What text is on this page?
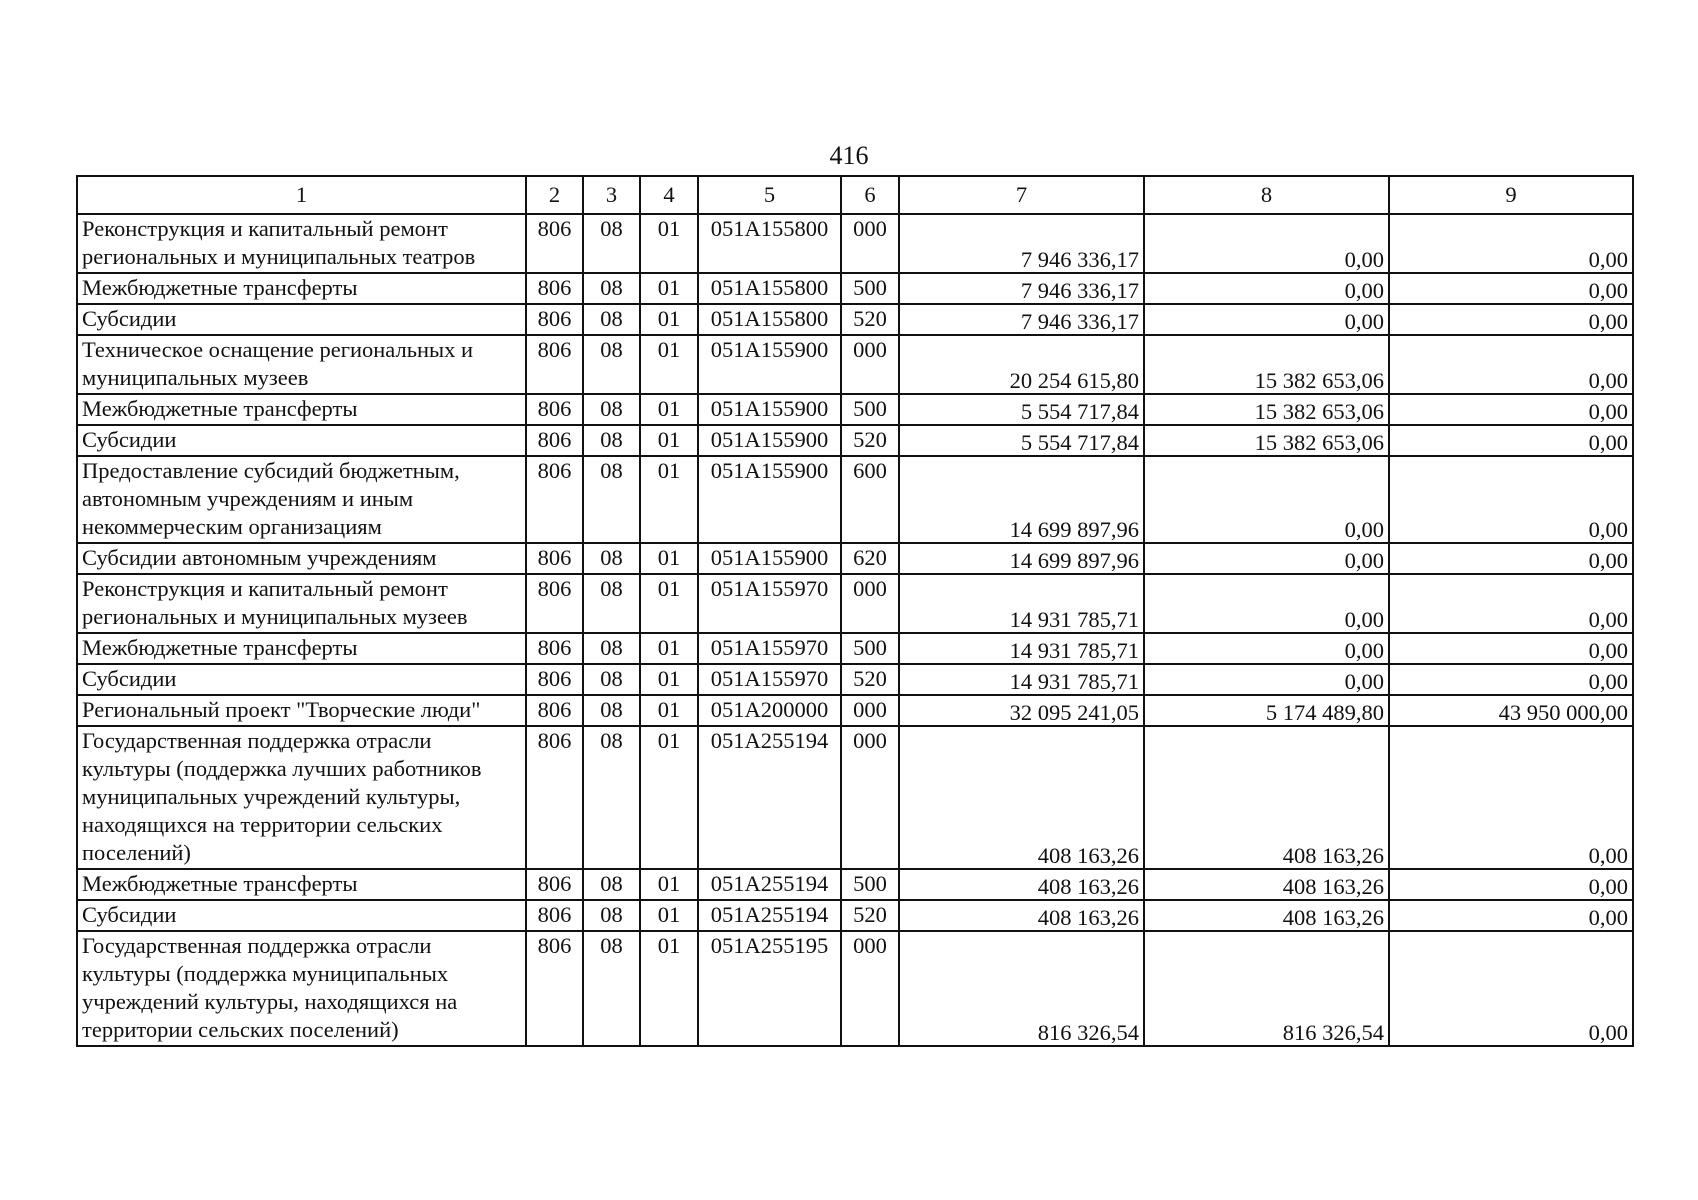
416
1	2	3	4	5	6	7	8	9
Реконструкция и капитальный ремонт региональных и муниципальных театров	806	08	01	051A155800	000	7 946 336,17	0,00	0,00
Межбюджетные трансферты	806	08	01	051A155800	500	7 946 336,17	0,00	0,00
Субсидии	806	08	01	051A155800	520	7 946 336,17	0,00	0,00
Техническое оснащение региональных и муниципальных музеев	806	08	01	051A155900	000	20 254 615,80	15 382 653,06	0,00
Межбюджетные трансферты	806	08	01	051A155900	500	5 554 717,84	15 382 653,06	0,00
Субсидии	806	08	01	051A155900	520	5 554 717,84	15 382 653,06	0,00
Предоставление субсидий бюджетным, автономным учреждениям и иным некоммерческим организациям	806	08	01	051A155900	600	14 699 897,96	0,00	0,00
Субсидии автономным учреждениям	806	08	01	051A155900	620	14 699 897,96	0,00	0,00
Реконструкция и капитальный ремонт региональных и муниципальных музеев	806	08	01	051A155970	000	14 931 785,71	0,00	0,00
Межбюджетные трансферты	806	08	01	051A155970	500	14 931 785,71	0,00	0,00
Субсидии	806	08	01	051A155970	520	14 931 785,71	0,00	0,00
Региональный проект "Творческие люди"	806	08	01	051A200000	000	32 095 241,05	5 174 489,80	43 950 000,00
Государственная поддержка отрасли культуры (поддержка лучших работников муниципальных учреждений культуры, находящихся на территории сельских поселений)	806	08	01	051A255194	000	408 163,26	408 163,26	0,00
Межбюджетные трансферты	806	08	01	051A255194	500	408 163,26	408 163,26	0,00
Субсидии	806	08	01	051A255194	520	408 163,26	408 163,26	0,00
Государственная поддержка отрасли культуры (поддержка муниципальных учреждений культуры, находящихся на территории сельских поселений)	806	08	01	051A255195	000	816 326,54	816 326,54	0,00
